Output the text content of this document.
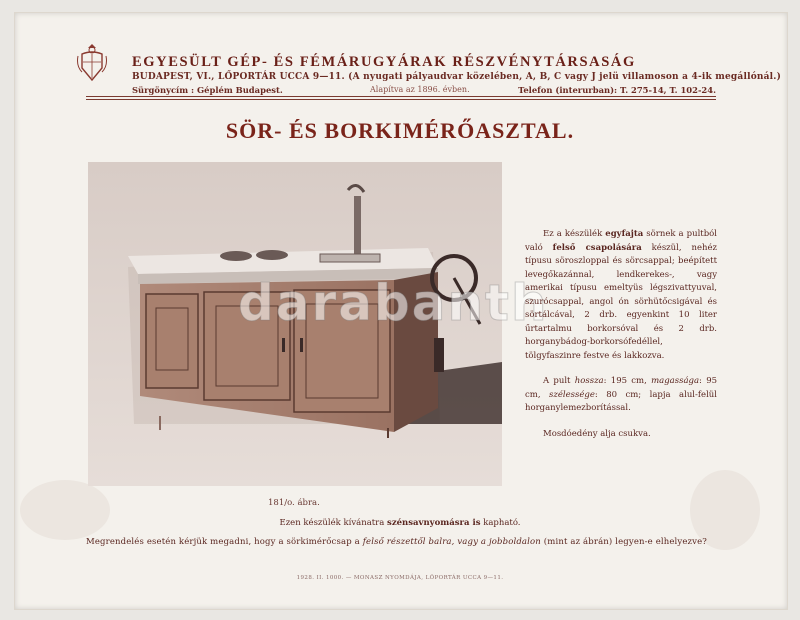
EGYESÜLT GÉP- ÉS FÉMÁRUGYÁRAK RÉSZVÉNYTÁRSASÁG
BUDAPEST, VI., LŐPORTÁR UCCA 9—11. (A nyugati pályaudvar közelében, A, B, C vagy J jelü villamoson a 4-ik megállónál.)
Sürgönycím : Géplém Budapest.	Alapítva az 1896. évben.	Telefon (interurban): T. 275-14, T. 102-24.
SÖR- ÉS BORKIMÉRŐASZTAL.
darabanth
181/o. ábra.

Ez a készülék egyfajta sörnek a pultból való felső csapolására készül, nehéz típusu söroszloppal és sörcsappal; beépített levegőkazánnal, lendkerekes-, vagy amerikai típusu emeltyüs légszivattyuval, szurócsappal, angol ón sörhütőcsigával és sörtálcával, 2 drb. egyenkint 10 liter űrtartalmu borkorsóval és 2 drb. horganybádog-borkorsófedéllel, tölgyfaszinre festve és lakkozva.

A pult hossza: 195 cm, magassága: 95 cm, szélessége: 80 cm; lapja alul-felül horganylemezborítással.

Mosdóedény alja csukva.

Ezen készülék kívánatra szénsavnyomásra is kapható.
Megrendelés esetén kérjük megadni, hogy a sörkimérőcsap a felső részettől balra, vagy a jobboldalon (mint az ábrán) legyen-e elhelyezve?
1928. II. 1000. — MONASZ NYOMDÁJA, LŐPORTÁR UCCA 9—11.
